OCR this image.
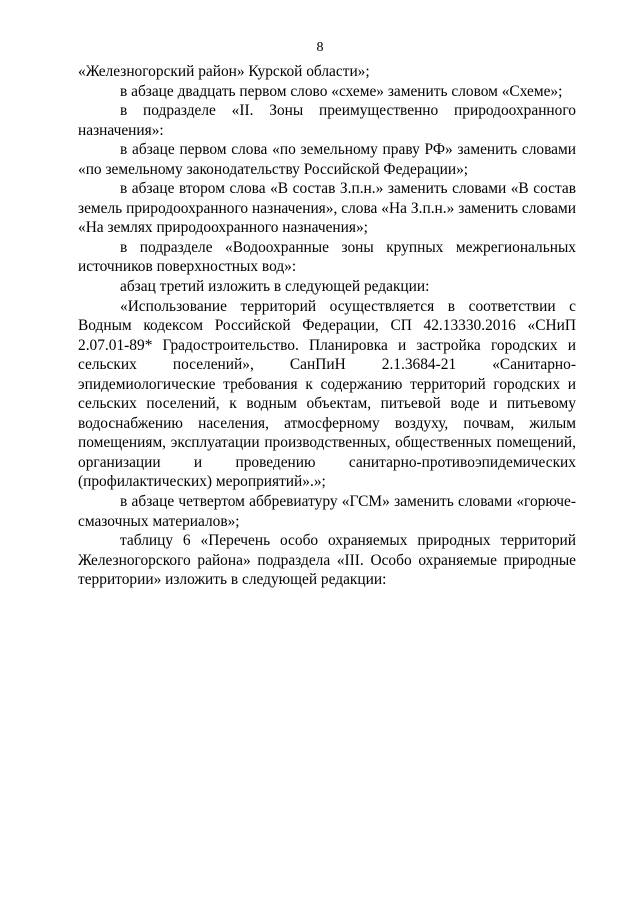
8

«Железногорский район» Курской области»;

в абзаце двадцать первом слово «схеме» заменить словом «Схеме»;

в подразделе «II. Зоны преимущественно природоохранного назначения»:

в абзаце первом слова «по земельному праву РФ» заменить словами «по земельному законодательству Российской Федерации»;

в абзаце втором слова «В состав З.п.н.» заменить словами «В состав земель природоохранного назначения», слова «На З.п.н.» заменить словами «На землях природоохранного назначения»;

в подразделе «Водоохранные зоны крупных межрегиональных источников поверхностных вод»:

абзац третий изложить в следующей редакции:

«Использование территорий осуществляется в соответствии с Водным кодексом Российской Федерации, СП 42.13330.2016 «СНиП 2.07.01-89* Градостроительство. Планировка и застройка городских и сельских поселений», СанПиН 2.1.3684-21 «Санитарно-эпидемиологические требования к содержанию территорий городских и сельских поселений, к водным объектам, питьевой воде и питьевому водоснабжению населения, атмосферному воздуху, почвам, жилым помещениям, эксплуатации производственных, общественных помещений, организации и проведению санитарно-противоэпидемических (профилактических) мероприятий».»;

в абзаце четвертом аббревиатуру «ГСМ» заменить словами «горюче-смазочных материалов»;

таблицу 6 «Перечень особо охраняемых природных территорий Железногорского района» подраздела «III. Особо охраняемые природные территории» изложить в следующей редакции:
